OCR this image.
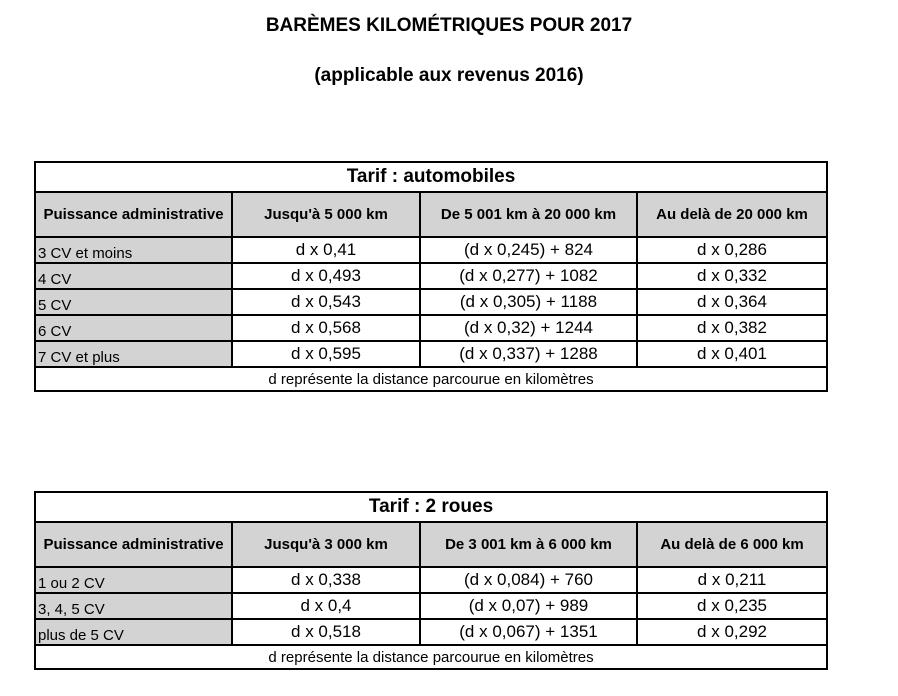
BARÈMES KILOMÉTRIQUES POUR 2017
(applicable aux revenus 2016)
Tarif : automobiles			
Puissance administrative	Jusqu'à 5 000 km	De 5 001 km à 20 000 km	Au delà de 20 000 km
3 CV et moins	d x 0,41	(d x 0,245) + 824	d x 0,286
4 CV	d x 0,493	(d x 0,277) + 1082	d x 0,332
5 CV	d x 0,543	(d x 0,305) + 1188	d x 0,364
6 CV	d x 0,568	(d x 0,32) + 1244	d x 0,382
7 CV et plus	d x 0,595	(d x 0,337) + 1288	d x 0,401
d représente la distance parcourue en kilomètres			
Tarif : 2 roues			
Puissance administrative	Jusqu'à 3 000 km	De 3 001 km à 6 000 km	Au delà de 6 000 km
1 ou 2 CV	d x 0,338	(d x 0,084) + 760	d x 0,211
3, 4, 5 CV	d x 0,4	(d x 0,07) + 989	d x 0,235
plus de 5 CV	d x 0,518	(d x 0,067) + 1351	d x 0,292
d représente la distance parcourue en kilomètres			
